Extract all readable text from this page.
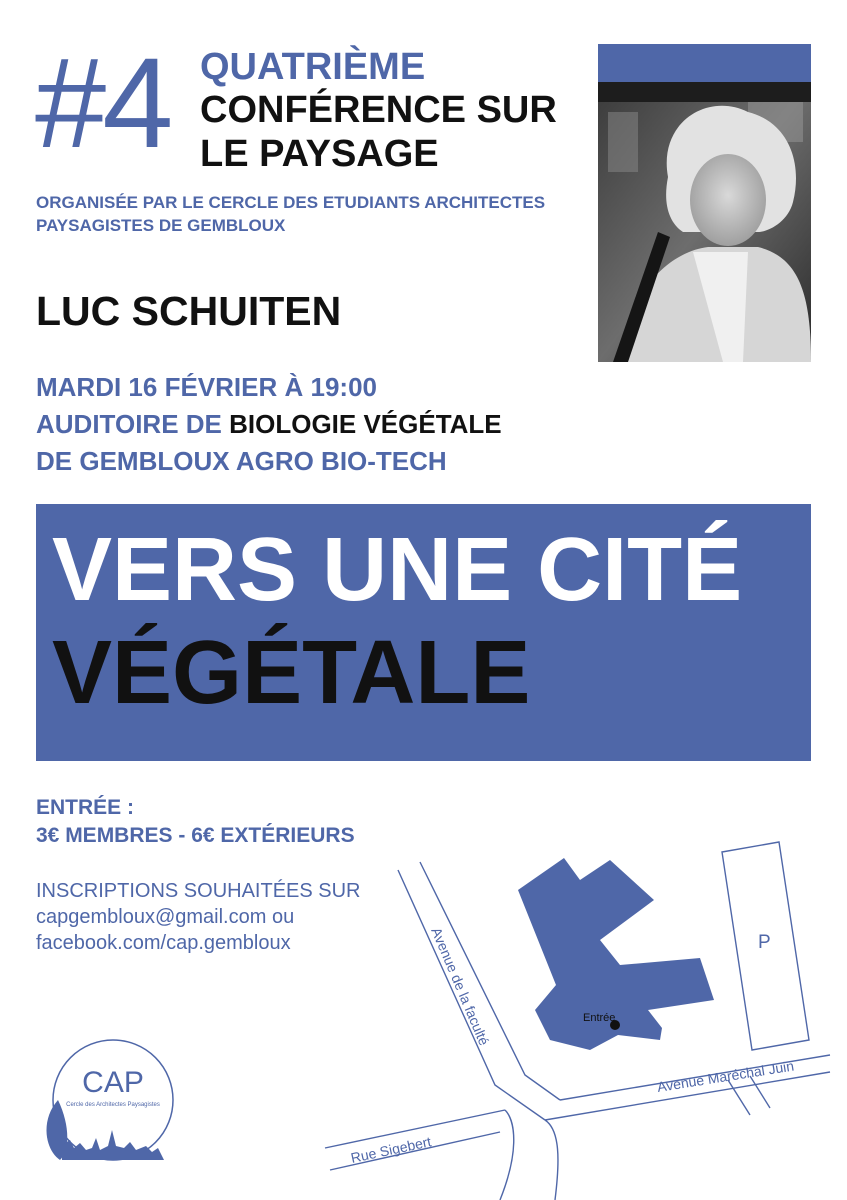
#4 QUATRIÈME
CONFÉRENCE SUR
LE PAYSAGE
ORGANISÉE PAR LE CERCLE DES ETUDIANTS ARCHITECTES
PAYSAGISTES DE GEMBLOUX
LUC SCHUITEN
MARDI 16 FÉVRIER À 19:00
AUDITOIRE DE BIOLOGIE VÉGÉTALE
DE GEMBLOUX AGRO BIO-TECH
VERS UNE CITÉ
VÉGÉTALE
ENTRÉE :
3€ MEMBRES - 6€ EXTÉRIEURS
INSCRIPTIONS SOUHAITÉES SUR
capgembloux@gmail.com ou
facebook.com/cap.gembloux
Entrée
P
Avenue de la faculté
Avenue Maréchal Juin
Rue Sigebert
CAP
Cercle des Architectes Paysagistes
